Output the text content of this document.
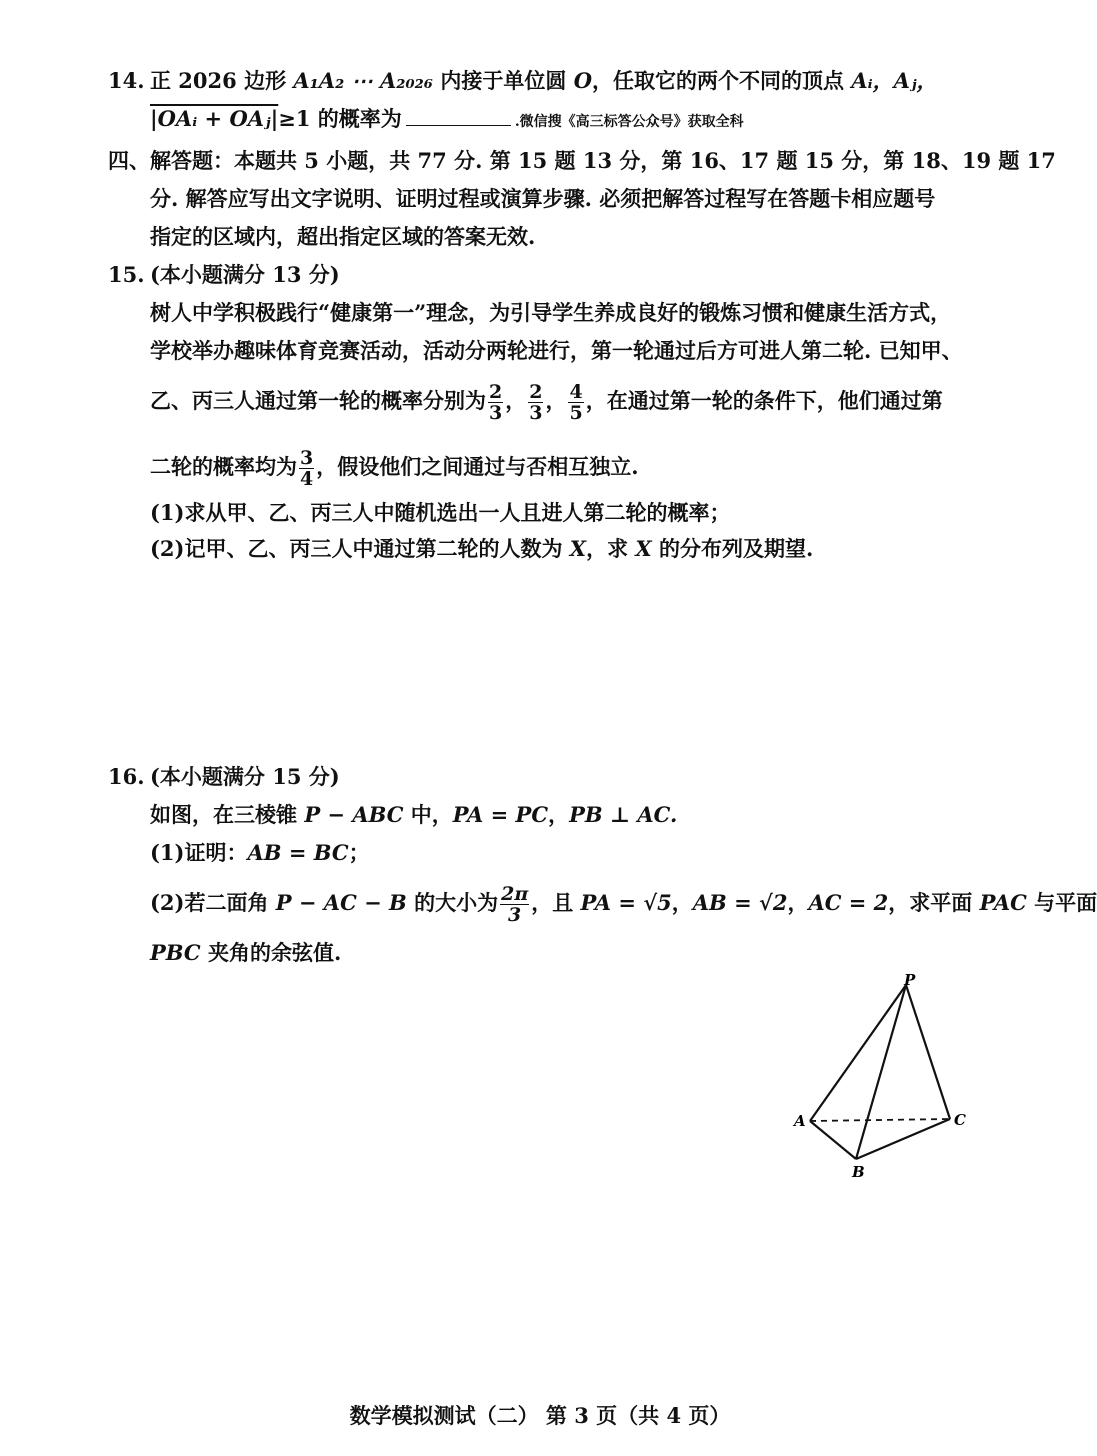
14. 正 2026 边形 A₁A₂ ⋯ A₂₀₂₆ 内接于单位圆 O，任取它的两个不同的顶点 Aᵢ，Aⱼ，
|OAᵢ + OAⱼ|≥1 的概率为	.微信搜《高三标答公众号》获取全科
四、解答题：本题共 5 小题，共 77 分. 第 15 题 13 分，第 16、17 题 15 分，第 18、19 题 17
分. 解答应写出文字说明、证明过程或演算步骤. 必须把解答过程写在答题卡相应题号
指定的区域内，超出指定区域的答案无效.
15. (本小题满分 13 分)
树人中学积极践行“健康第一”理念，为引导学生养成良好的锻炼习惯和健康生活方式，
学校举办趣味体育竞赛活动，活动分两轮进行，第一轮通过后方可进人第二轮. 已知甲、
乙、丙三人通过第一轮的概率分别为 $\frac{2}{3}$ ， $\frac{2}{3}$ ， $\frac{4}{5}$ ，在通过第一轮的条件下，他们通过第
二轮的概率均为 $\frac{3}{4}$ ，假设他们之间通过与否相互独立.
(1)求从甲、乙、丙三人中随机选出一人且进人第二轮的概率；
(2)记甲、乙、丙三人中通过第二轮的人数为 X，求 X 的分布列及期望.
16. (本小题满分 15 分)
如图，在三棱锥 P − ABC 中，PA = PC，PB ⊥ AC.
(1)证明：AB = BC；
(2)若二面角 P − AC − B 的大小为 $\frac{2\pi}{3}$ ，且 PA = √5，AB = √2，AC = 2，求平面 PAC 与平面
PBC 夹角的余弦值.
P
A
B
C
数学模拟测试（二） 第 3 页（共 4 页）
